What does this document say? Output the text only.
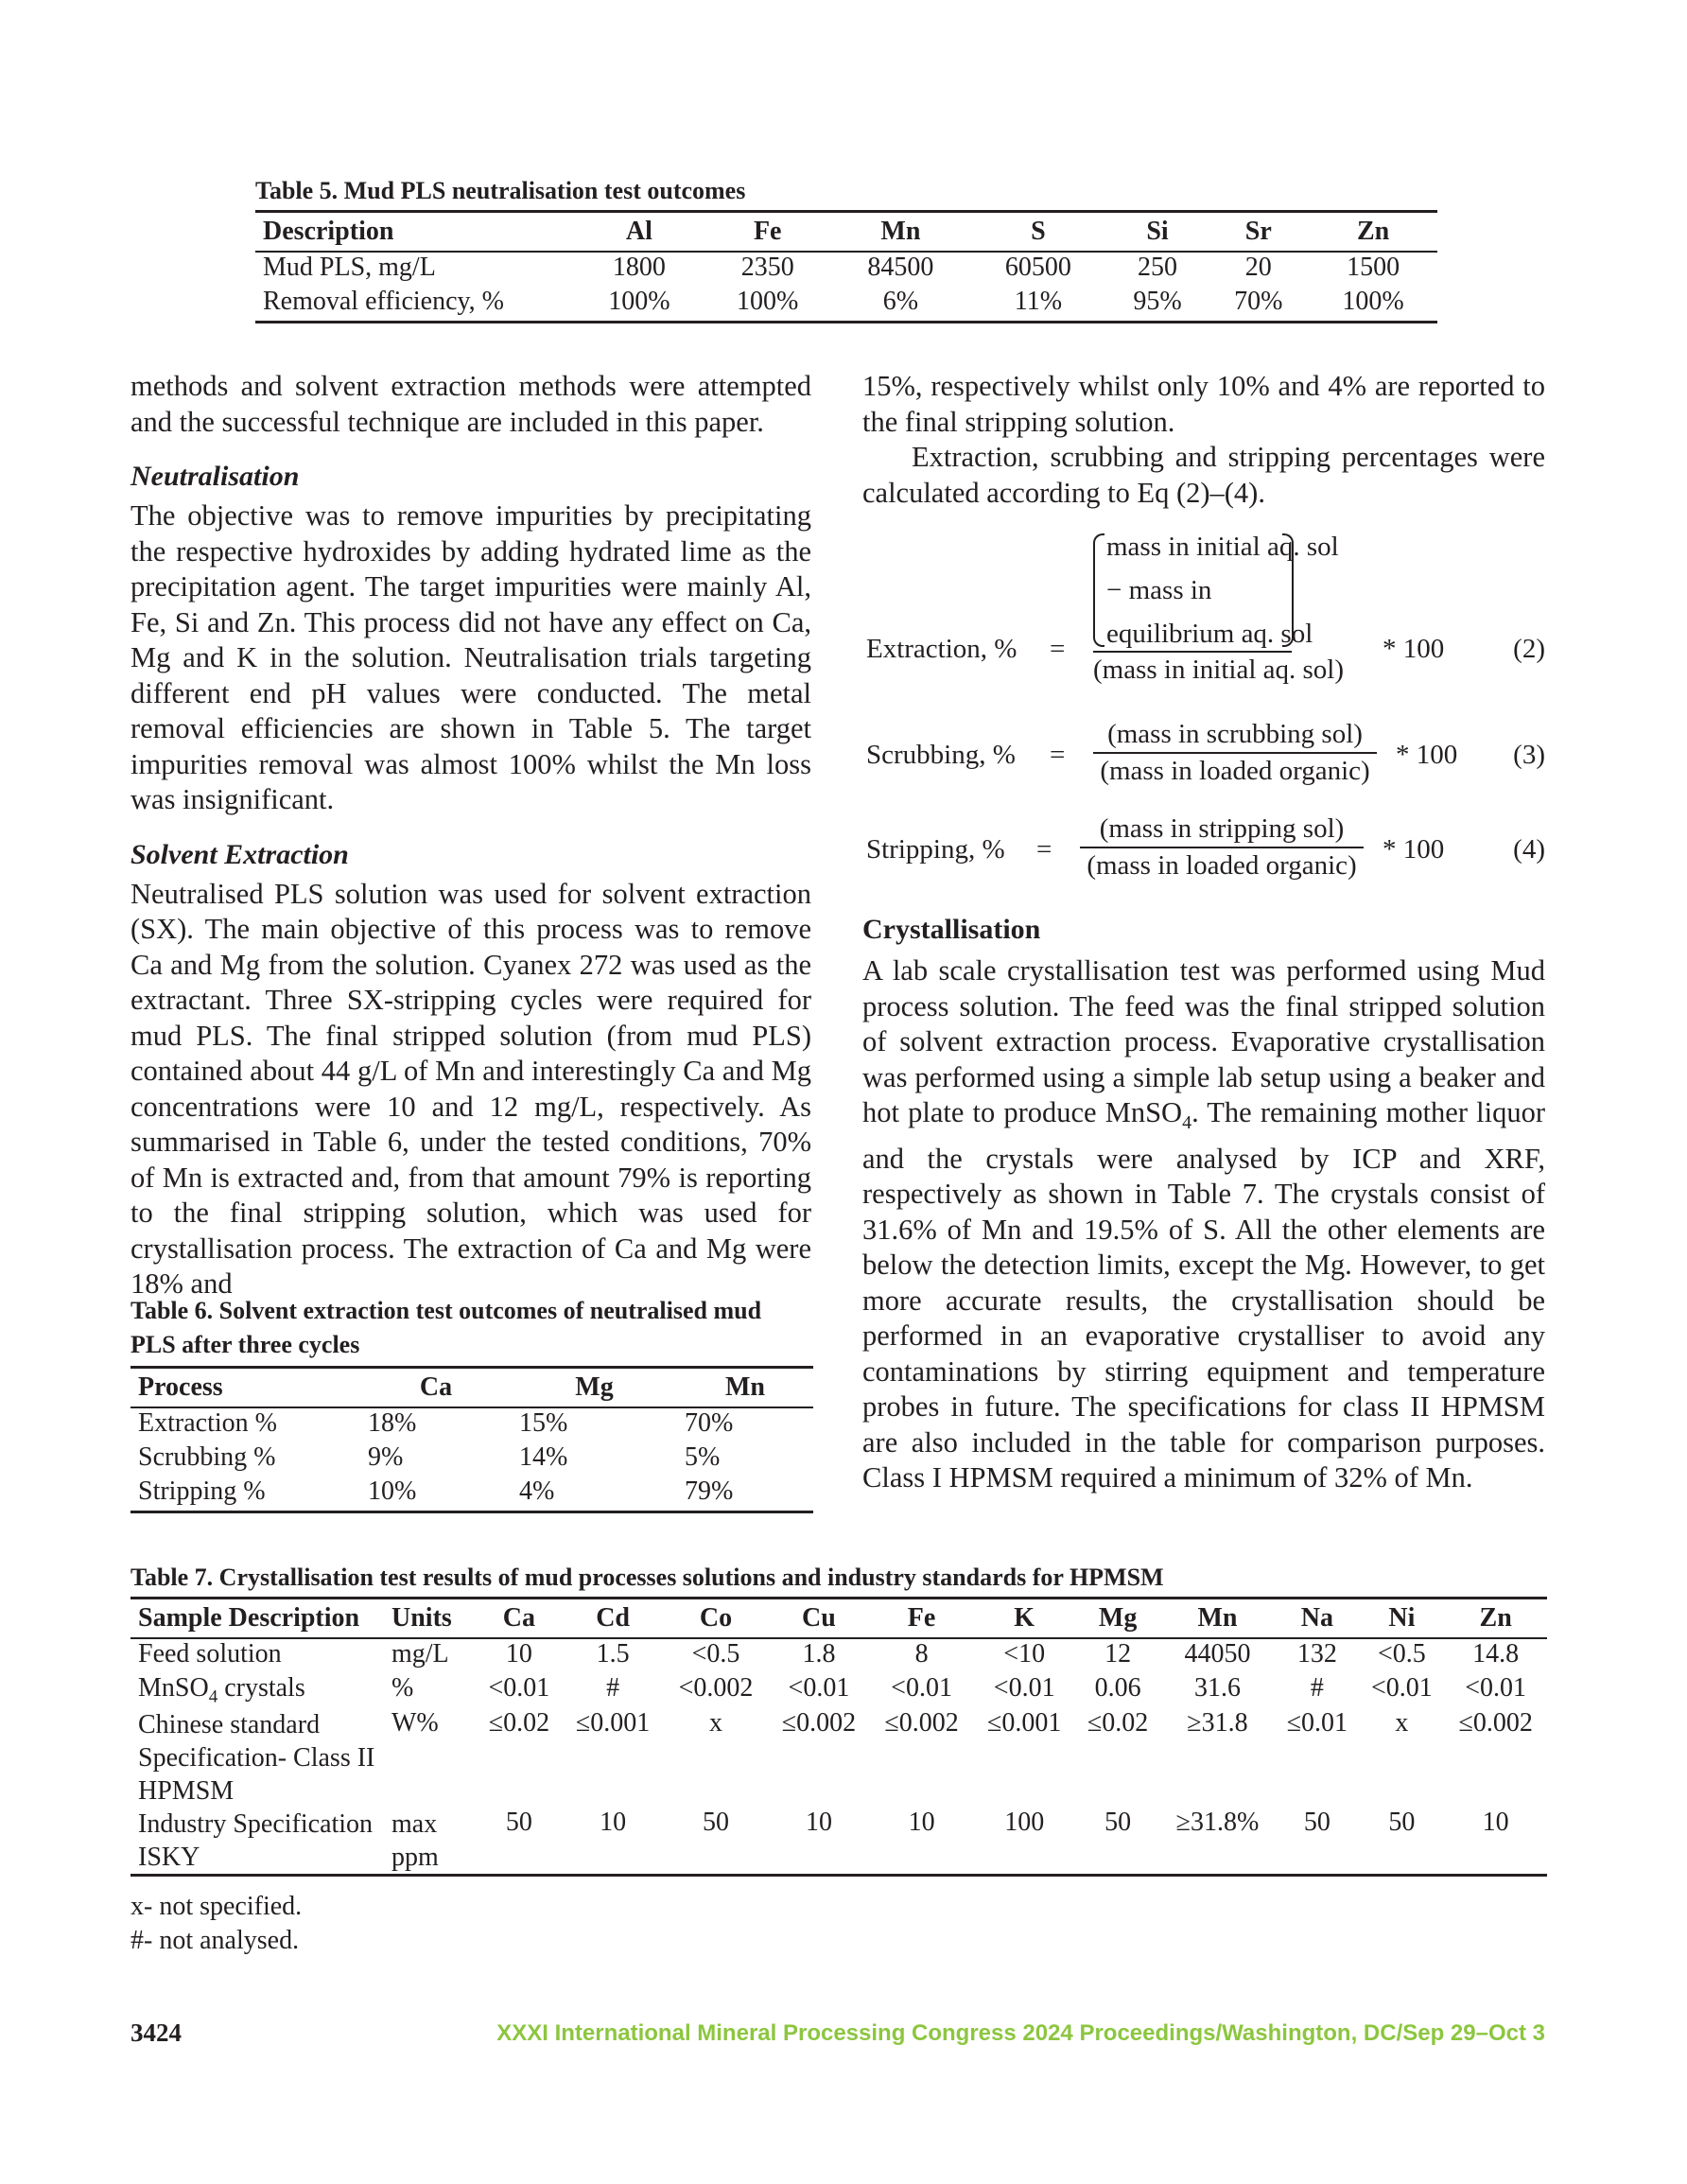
Table 5. Mud PLS neutralisation test outcomes
Description	Al	Fe	Mn	S	Si	Sr	Zn
Mud PLS, mg/L	1800	2350	84500	60500	250	20	1500
Removal efficiency, %	100%	100%	6%	11%	95%	70%	100%

methods and solvent extraction methods were attempted and the successful technique are included in this paper.

Neutralisation

The objective was to remove impurities by precipitating the respective hydroxides by adding hydrated lime as the precipitation agent. The target impurities were mainly Al, Fe, Si and Zn. This process did not have any effect on Ca, Mg and K in the solution. Neutralisation trials targeting different end pH values were conducted. The metal removal efficiencies are shown in Table 5. The target impurities removal was almost 100% whilst the Mn loss was insignificant.

Solvent Extraction

Neutralised PLS solution was used for solvent extraction (SX). The main objective of this process was to remove Ca and Mg from the solution. Cyanex 272 was used as the extractant. Three SX-stripping cycles were required for mud PLS. The final stripped solution (from mud PLS) contained about 44 g/L of Mn and interestingly Ca and Mg concentrations were 10 and 12 mg/L, respectively. As summarised in Table 6, under the tested conditions, 70% of Mn is extracted and, from that amount 79% is reporting to the final stripping solution, which was used for crystallisation process. The extraction of Ca and Mg were 18% and

Table 6. Solvent extraction test outcomes of neutralised mud PLS after three cycles
Process	Ca	Mg	Mn
Extraction %	18%	15%	70%
Scrubbing %	9%	14%	5%
Stripping %	10%	4%	79%

15%, respectively whilst only 10% and 4% are reported to the final stripping solution.

Extraction, scrubbing and stripping percentages were calculated according to Eq (2)–(4).

Extraction, % =
mass in initial aq. sol
− mass in
equilibrium aq. sol
(mass in initial aq. sol)
* 100	(2)
Scrubbing, % =
(mass in scrubbing sol)
(mass in loaded organic)
* 100 (3)
Stripping, % =
(mass in stripping sol)
(mass in loaded organic)
* 100	(4)
Crystallisation

A lab scale crystallisation test was performed using Mud process solution. The feed was the final stripped solution of solvent extraction process. Evaporative crystallisation was performed using a simple lab setup using a beaker and hot plate to produce MnSO$_4$. The remaining mother liquor and the crystals were analysed by ICP and XRF, respectively as shown in Table 7. The crystals consist of 31.6% of Mn and 19.5% of S. All the other elements are below the detection limits, except the Mg. However, to get more accurate results, the crystallisation should be performed in an evaporative crystalliser to avoid any contaminations by stirring equipment and temperature probes in future. The specifications for class II HPMSM are also included in the table for comparison purposes. Class I HPMSM required a minimum of 32% of Mn.

Table 7. Crystallisation test results of mud processes solutions and industry standards for HPMSM
Sample Description	Units	Ca	Cd	Co	Cu	Fe	K	Mg	Mn	Na	Ni	Zn
Feed solution	mg/L	10	1.5	<0.5	1.8	8	<10	12	44050	132	<0.5	14.8
MnSO$_4$ crystals	%	<0.01	#	<0.002	<0.01	<0.01	<0.01	0.06	31.6	#	<0.01	<0.01
Chinese standard Specification- Class II HPMSM	W%	≤0.02	≤0.001	x	≤0.002	≤0.002	≤0.001	≤0.02	≥31.8	≤0.01	x	≤0.002
Industry Specification ISKY	max ppm	50	10	50	10	10	100	50	≥31.8%	50	50	10
x- not specified.
#- not analysed.
3424	XXXI International Mineral Processing Congress 2024 Proceedings/Washington, DC/Sep 29–Oct 3
